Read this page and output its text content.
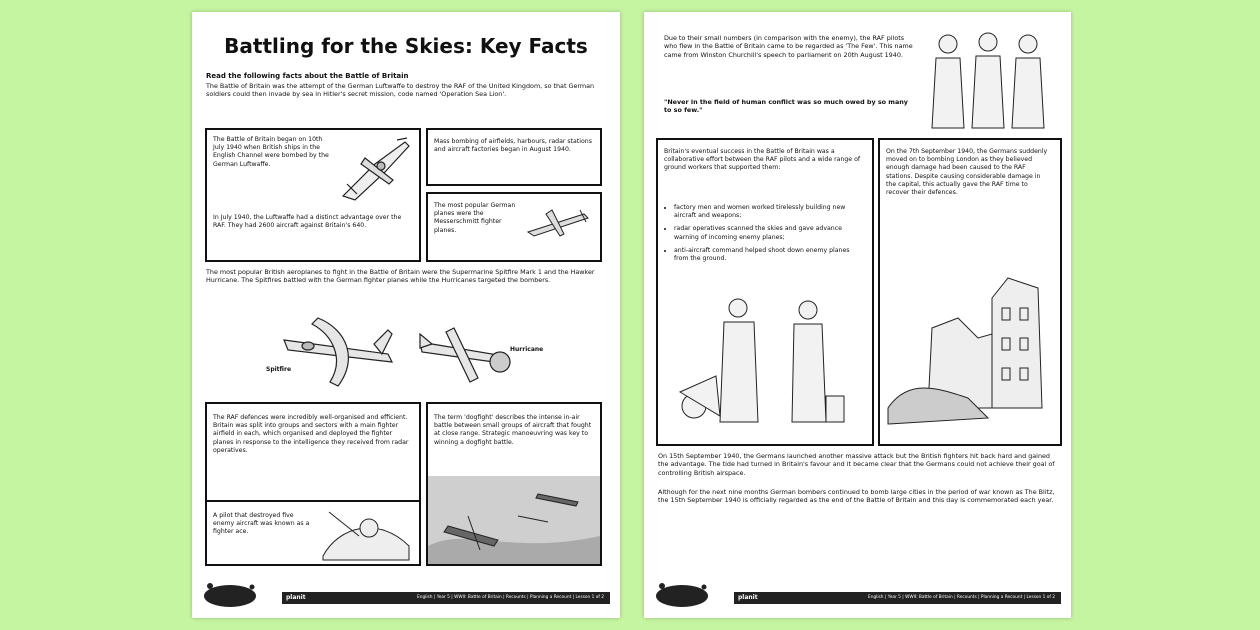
Battling for the Skies: Key Facts
Read the following facts about the Battle of Britain
The Battle of Britain was the attempt of the German Luftwaffe to destroy the RAF of the United Kingdom, so that German soldiers could then invade by sea in Hitler's secret mission, code named 'Operation Sea Lion'.
The Battle of Britain began on 10th July 1940 when British ships in the English Channel were bombed by the German Luftwaffe.
In July 1940, the Luftwaffe had a distinct advantage over the RAF. They had 2600 aircraft against Britain's 640.
Mass bombing of airfields, harbours, radar stations and aircraft factories began in August 1940.
The most popular German planes were the Messerschmitt fighter planes.
The most popular British aeroplanes to fight in the Battle of Britain were the Supermarine Spitfire Mark 1 and the Hawker Hurricane. The Spitfires battled with the German fighter planes while the Hurricanes targeted the bombers.
Spitfire
Hurricane
The RAF defences were incredibly well-organised and efficient. Britain was split into groups and sectors with a main fighter airfield in each, which organised and deployed the fighter planes in response to the intelligence they received from radar operatives.
The term 'dogfight' describes the intense in-air battle between small groups of aircraft that fought at close range. Strategic manoeuvring was key to winning a dogfight battle.
A pilot that destroyed five enemy aircraft was known as a fighter ace.
planit	English | Year 5 | WWII: Battle of Britain | Recounts | Planning a Recount | Lesson 1 of 2
Due to their small numbers (in comparison with the enemy), the RAF pilots who flew in the Battle of Britain came to be regarded as 'The Few'. This name came from Winston Churchill's speech to parliament on 20th August 1940.
"Never in the field of human conflict was so much owed by so many to so few."
Britain's eventual success in the Battle of Britain was a collaborative effort between the RAF pilots and a wide range of ground workers that supported them:
• factory men and women worked tirelessly building new aircraft and weapons;
• radar operatives scanned the skies and gave advance warning of incoming enemy planes;
• anti-aircraft command helped shoot down enemy planes from the ground.
On the 7th September 1940, the Germans suddenly moved on to bombing London as they believed enough damage had been caused to the RAF stations. Despite causing considerable damage in the capital, this actually gave the RAF time to recover their defences.
On 15th September 1940, the Germans launched another massive attack but the British fighters hit back hard and gained the advantage. The tide had turned in Britain's favour and it became clear that the Germans could not achieve their goal of controlling British airspace.
Although for the next nine months German bombers continued to bomb large cities in the period of war known as The Blitz, the 15th September 1940 is officially regarded as the end of the Battle of Britain and this day is commemorated each year.
planit	English | Year 5 | WWII: Battle of Britain | Recounts | Planning a Recount | Lesson 1 of 2
